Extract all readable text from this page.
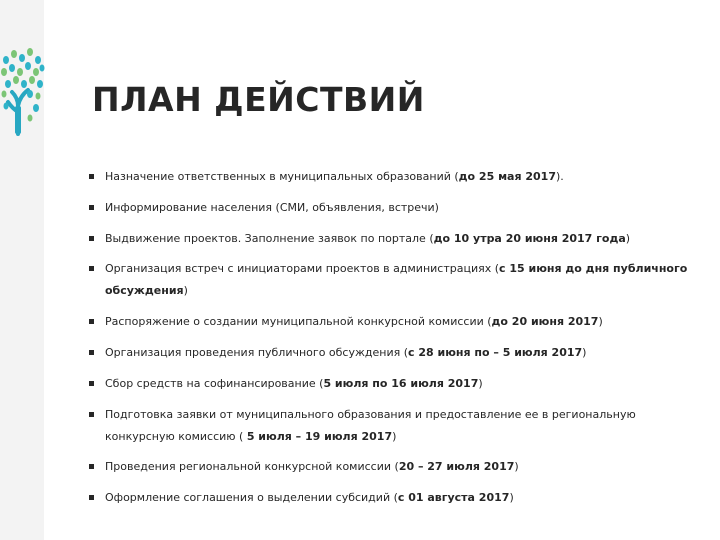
ПЛАН ДЕЙСТВИЙ
Назначение ответственных в муниципальных образований (до 25 мая 2017).
Информирование населения (СМИ, объявления, встречи)
Выдвижение проектов. Заполнение заявок по портале (до 10 утра 20 июня 2017 года)
Организация встреч с инициаторами проектов в администрациях (с 15 июня до дня публичного обсуждения)
Распоряжение о создании муниципальной конкурсной комиссии (до 20 июня 2017)
Организация проведения публичного обсуждения (с 28 июня по – 5 июля 2017)
Сбор средств на софинансирование (5 июля по 16 июля 2017)
Подготовка заявки от муниципального образования и предоставление ее в региональную конкурсную комиссию ( 5 июля – 19 июля 2017)
Проведения региональной конкурсной комиссии (20 – 27 июля 2017)
Оформление соглашения о выделении субсидий (с 01 августа 2017)
